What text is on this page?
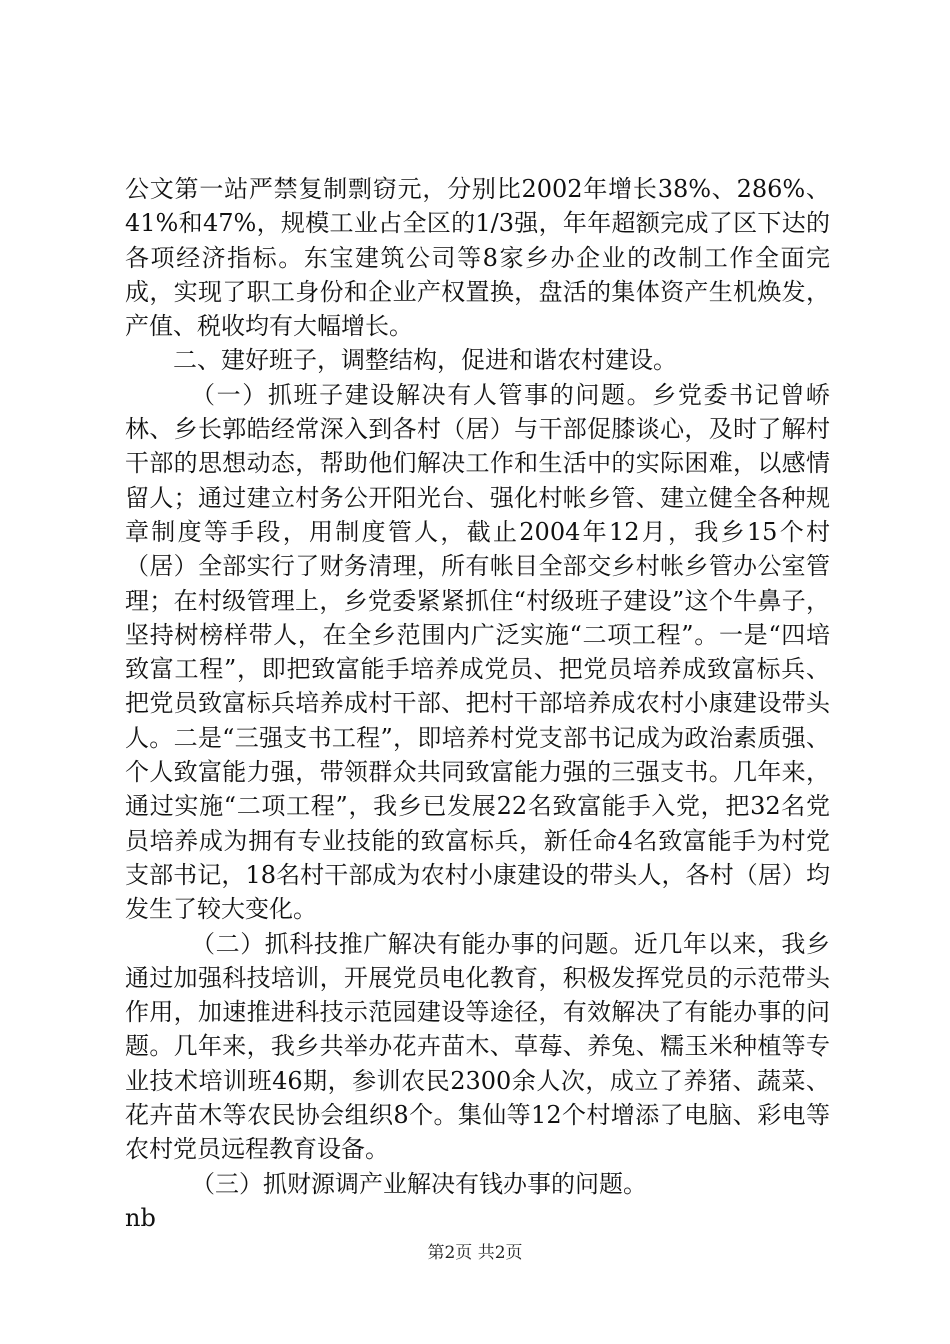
公文第一站严禁复制剽窃元，分别比2002年增长38%、286%、41%和47%，规模工业占全区的1/3强，年年超额完成了区下达的各项经济指标。东宝建筑公司等8家乡办企业的改制工作全面完成，实现了职工身份和企业产权置换，盘活的集体资产生机焕发，产值、税收均有大幅增长。

二、建好班子，调整结构，促进和谐农村建设。

（一）抓班子建设解决有人管事的问题。乡党委书记曾峤林、乡长郭皓经常深入到各村（居）与干部促膝谈心，及时了解村干部的思想动态，帮助他们解决工作和生活中的实际困难，以感情留人；通过建立村务公开阳光台、强化村帐乡管、建立健全各种规章制度等手段，用制度管人，截止2004年12月，我乡15个村（居）全部实行了财务清理，所有帐目全部交乡村帐乡管办公室管理；在村级管理上，乡党委紧紧抓住“村级班子建设”这个牛鼻子，坚持树榜样带人，在全乡范围内广泛实施“二项工程”。一是“四培致富工程”，即把致富能手培养成党员、把党员培养成致富标兵、把党员致富标兵培养成村干部、把村干部培养成农村小康建设带头人。二是“三强支书工程”，即培养村党支部书记成为政治素质强、个人致富能力强，带领群众共同致富能力强的三强支书。几年来，通过实施“二项工程”，我乡已发展22名致富能手入党，把32名党员培养成为拥有专业技能的致富标兵，新任命4名致富能手为村党支部书记，18名村干部成为农村小康建设的带头人，各村（居）均发生了较大变化。

（二）抓科技推广解决有能办事的问题。近几年以来，我乡通过加强科技培训，开展党员电化教育，积极发挥党员的示范带头作用，加速推进科技示范园建设等途径，有效解决了有能办事的问题。几年来，我乡共举办花卉苗木、草莓、养兔、糯玉米种植等专业技术培训班46期，参训农民2300余人次，成立了养猪、蔬菜、花卉苗木等农民协会组织8个。集仙等12个村增添了电脑、彩电等农村党员远程教育设备。

（三）抓财源调产业解决有钱办事的问题。

nb

第2页 共2页
